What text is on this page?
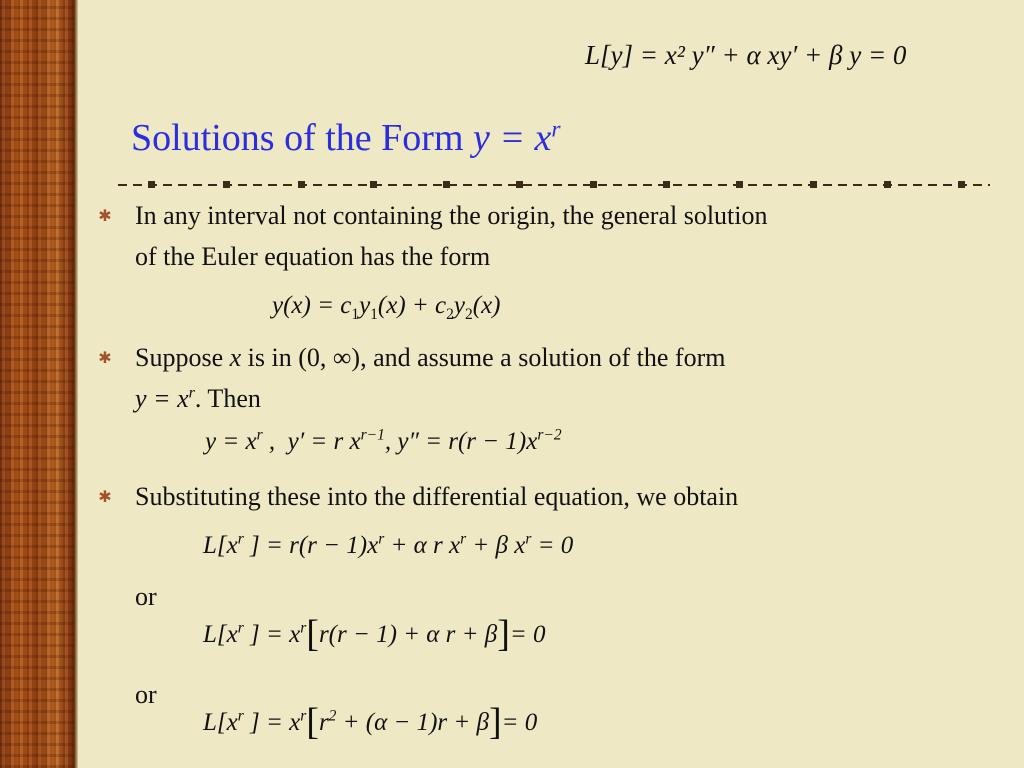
L[y] = x² y″ + α xy′ + β y = 0
Solutions of the Form $y = x^r$
✱ In any interval not containing the origin, the general solution
of the Euler equation has the form
$y(x) = c_1y_1(x) + c_2y_2(x)$
✱ Suppose x is in (0, ∞), and assume a solution of the form
$y = x^r$. Then
$y = x^r$ ,  y′ = r $x^{r-1}$, $y'' = r(r - 1)x^{r-2}$
✱ Substituting these into the differential equation, we obtain
$L[x^r$ ] = $r(r - 1)x^r + \alpha$ r $x^r + \beta$ $x^r = 0$
or
$L[x^r$ ] = $x^r[r(r - 1) + \alpha$ r + β]= 0
or
$L[x^r$ ] = $x^r[r^2 + (\alpha - 1)r + \beta]= 0$
